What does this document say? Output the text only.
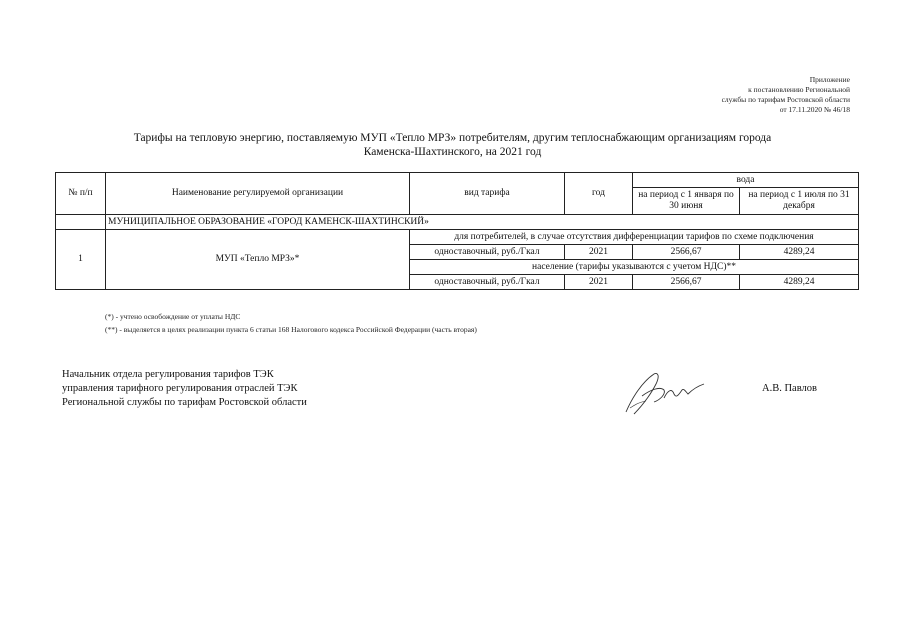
Приложение
к постановлению Региональной
службы по тарифам Ростовской области
от 17.11.2020 № 46/18
Тарифы на тепловую энергию, поставляемую МУП «Тепло МРЗ» потребителям, другим теплоснабжающим организациям города
Каменска-Шахтинского, на 2021 год
№ п/п	Наименование регулируемой организации	вид тарифа	год	вода	
				на период с 1 января по 30 июня	на период с 1 июля по 31 декабря
	МУНИЦИПАЛЬНОЕ ОБРАЗОВАНИЕ «ГОРОД КАМЕНСК-ШАХТИНСКИЙ»				
1	МУП «Тепло МРЗ»*	для потребителей, в случае отсутствия дифференциации тарифов по схеме подключения			
		одноставочный, руб./Гкал	2021	2566,67	4289,24
		население (тарифы указываются с учетом НДС)**			
		одноставочный, руб./Гкал	2021	2566,67	4289,24
(*) - учтено освобождение от уплаты НДС
(**) - выделяется в целях реализации пункта 6 статьи 168 Налогового кодекса Российской Федерации (часть вторая)
Начальник отдела регулирования тарифов ТЭК
управления тарифного регулирования отраслей ТЭК
Региональной службы по тарифам Ростовской области
А.В. Павлов
